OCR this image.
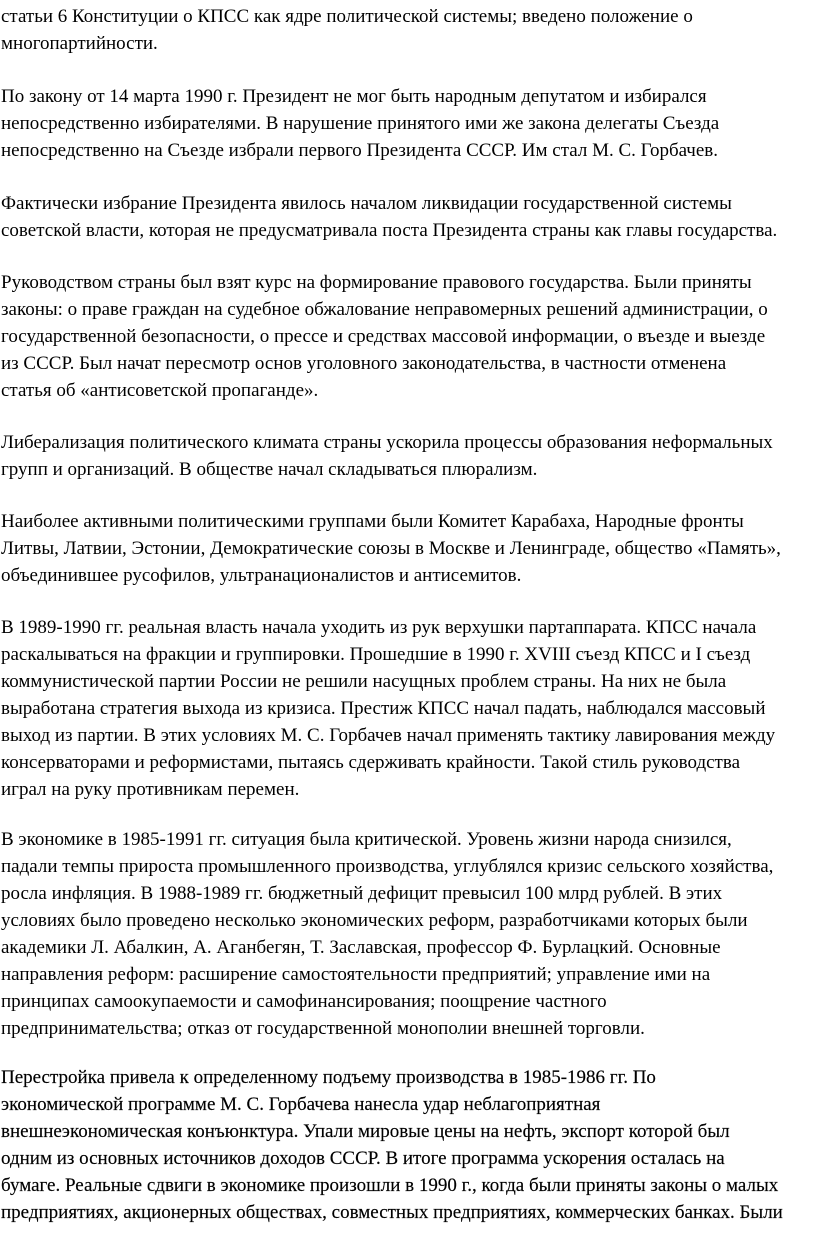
статьи 6 Конституции о КПСС как ядре политической системы; введено положение о
многопартийности.

По закону от 14 марта 1990 г. Президент не мог быть народным депутатом и избирался
непосредственно избирателями. В нарушение принятого ими же закона делегаты Съезда
непосредственно на Съезде избрали первого Президента СССР. Им стал М. С. Горбачев.

Фактически избрание Президента явилось началом ликвидации государственной системы
советской власти, которая не предусматривала поста Президента страны как главы государства.

Руководством страны был взят курс на формирование правового государства. Были приняты
законы: о праве граждан на судебное обжалование неправомерных решений администрации, о
государственной безопасности, о прессе и средствах массовой информации, о въезде и выезде
из СССР. Был начат пересмотр основ уголовного законодательства, в частности отменена
статья об «антисоветской пропаганде».

Либерализация политического климата страны ускорила процессы образования неформальных
групп и организаций. В обществе начал складываться плюрализм.

Наиболее активными политическими группами были Комитет Карабаха, Народные фронты
Литвы, Латвии, Эстонии, Демократические союзы в Москве и Ленинграде, общество «Память»,
объединившее русофилов, ультранационалистов и антисемитов.

В 1989-1990 гг. реальная власть начала уходить из рук верхушки партаппарата. КПСС начала
раскалываться на фракции и группировки. Прошедшие в 1990 г. XVIII съезд КПСС и I съезд
коммунистической партии России не решили насущных проблем страны. На них не была
выработана стратегия выхода из кризиса. Престиж КПСС начал падать, наблюдался массовый
выход из партии. В этих условиях М. С. Горбачев начал применять тактику лавирования между
консерваторами и реформистами, пытаясь сдерживать крайности. Такой стиль руководства
играл на руку противникам перемен.

В экономике в 1985-1991 гг. ситуация была критической. Уровень жизни народа снизился,
падали темпы прироста промышленного производства, углублялся кризис сельского хозяйства,
росла инфляция. В 1988-1989 гг. бюджетный дефицит превысил 100 млрд рублей. В этих
условиях было проведено несколько экономических реформ, разработчиками которых были
академики Л. Абалкин, А. Аганбегян, Т. Заславская, профессор Ф. Бурлацкий. Основные
направления реформ: расширение самостоятельности предприятий; управление ими на
принципах самоокупаемости и самофинансирования; поощрение частного
предпринимательства; отказ от государственной монополии внешней торговли.

Перестройка привела к определенному подъему производства в 1985-1986 гг. По
экономической программе М. С. Горбачева нанесла удар неблагоприятная
внешнеэкономическая конъюнктура. Упали мировые цены на нефть, экспорт которой был
одним из основных источников доходов СССР. В итоге программа ускорения осталась на
бумаге. Реальные сдвиги в экономике произошли в 1990 г., когда были приняты законы о малых
предприятиях, акционерных обществах, совместных предприятиях, коммерческих банках. Были
